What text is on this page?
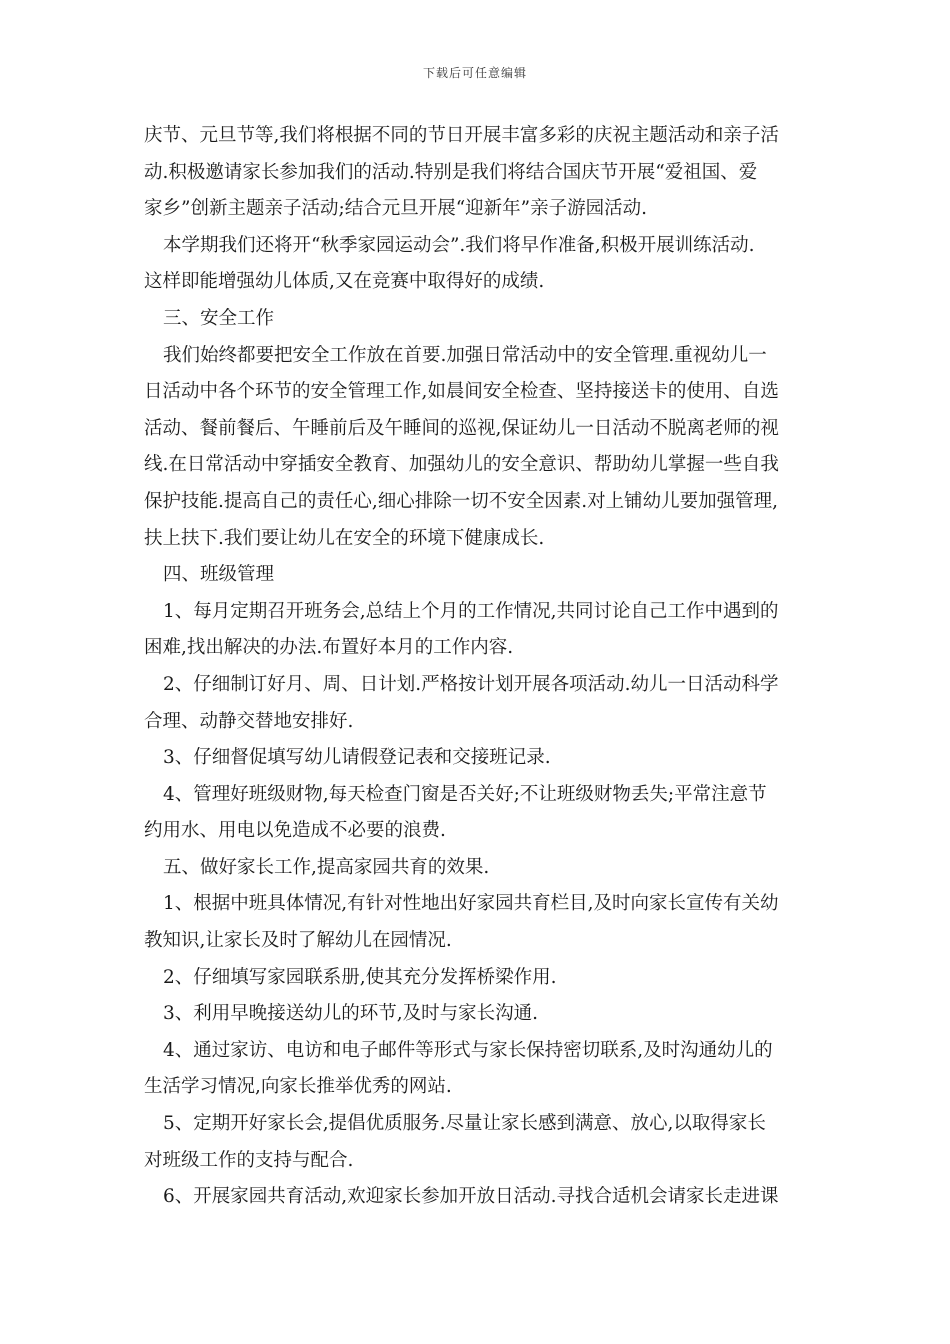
下载后可任意编辑
庆节、元旦节等,我们将根据不同的节日开展丰富多彩的庆祝主题活动和亲子活
动.积极邀请家长参加我们的活动.特别是我们将结合国庆节开展“爱祖国、爱
家乡”创新主题亲子活动;结合元旦开展“迎新年”亲子游园活动.
本学期我们还将开“秋季家园运动会”.我们将早作准备,积极开展训练活动.
这样即能增强幼儿体质,又在竞赛中取得好的成绩.
三、安全工作
我们始终都要把安全工作放在首要.加强日常活动中的安全管理.重视幼儿一
日活动中各个环节的安全管理工作,如晨间安全检查、坚持接送卡的使用、自选
活动、餐前餐后、午睡前后及午睡间的巡视,保证幼儿一日活动不脱离老师的视
线.在日常活动中穿插安全教育、加强幼儿的安全意识、帮助幼儿掌握一些自我
保护技能.提高自己的责任心,细心排除一切不安全因素.对上铺幼儿要加强管理,
扶上扶下.我们要让幼儿在安全的环境下健康成长.
四、班级管理
1、每月定期召开班务会,总结上个月的工作情况,共同讨论自己工作中遇到的
困难,找出解决的办法.布置好本月的工作内容.
2、仔细制订好月、周、日计划.严格按计划开展各项活动.幼儿一日活动科学
合理、动静交替地安排好.
3、仔细督促填写幼儿请假登记表和交接班记录.
4、管理好班级财物,每天检查门窗是否关好;不让班级财物丢失;平常注意节
约用水、用电以免造成不必要的浪费.
五、做好家长工作,提高家园共育的效果.
1、根据中班具体情况,有针对性地出好家园共育栏目,及时向家长宣传有关幼
教知识,让家长及时了解幼儿在园情况.
2、仔细填写家园联系册,使其充分发挥桥梁作用.
3、利用早晚接送幼儿的环节,及时与家长沟通.
4、通过家访、电访和电子邮件等形式与家长保持密切联系,及时沟通幼儿的
生活学习情况,向家长推举优秀的网站.
5、定期开好家长会,提倡优质服务.尽量让家长感到满意、放心,以取得家长
对班级工作的支持与配合.
6、开展家园共育活动,欢迎家长参加开放日活动.寻找合适机会请家长走进课
